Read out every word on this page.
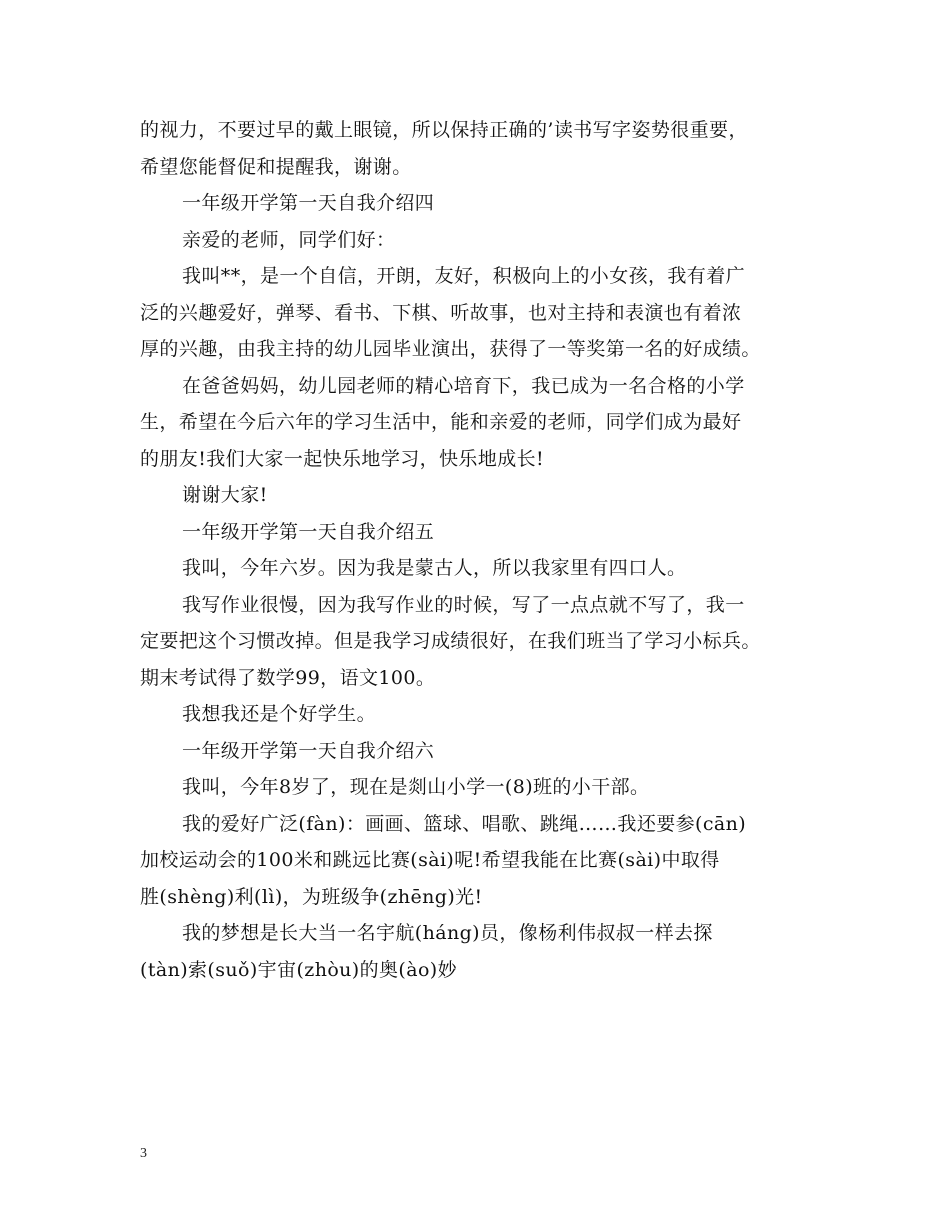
的视力，不要过早的戴上眼镜，所以保持正确的’读书写字姿势很重要，

希望您能督促和提醒我，谢谢。

一年级开学第一天自我介绍四

亲爱的老师，同学们好：

我叫**，是一个自信，开朗，友好，积极向上的小女孩，我有着广

泛的兴趣爱好，弹琴、看书、下棋、听故事，也对主持和表演也有着浓

厚的兴趣，由我主持的幼儿园毕业演出，获得了一等奖第一名的好成绩。

在爸爸妈妈，幼儿园老师的精心培育下，我已成为一名合格的小学

生，希望在今后六年的学习生活中，能和亲爱的老师，同学们成为最好

的朋友!我们大家一起快乐地学习，快乐地成长!

谢谢大家!

一年级开学第一天自我介绍五

我叫，今年六岁。因为我是蒙古人，所以我家里有四口人。

我写作业很慢，因为我写作业的时候，写了一点点就不写了，我一

定要把这个习惯改掉。但是我学习成绩很好，在我们班当了学习小标兵。

期末考试得了数学99，语文100。

我想我还是个好学生。

一年级开学第一天自我介绍六

我叫，今年8岁了，现在是剡山小学一(8)班的小干部。

我的爱好广泛(fàn)：画画、篮球、唱歌、跳绳……我还要参(cān)

加校运动会的100米和跳远比赛(sài)呢!希望我能在比赛(sài)中取得

胜(shèng)利(lì)，为班级争(zhēng)光!

我的梦想是长大当一名宇航(háng)员，像杨利伟叔叔一样去探

(tàn)索(suǒ)宇宙(zhòu)的奥(ào)妙

3
